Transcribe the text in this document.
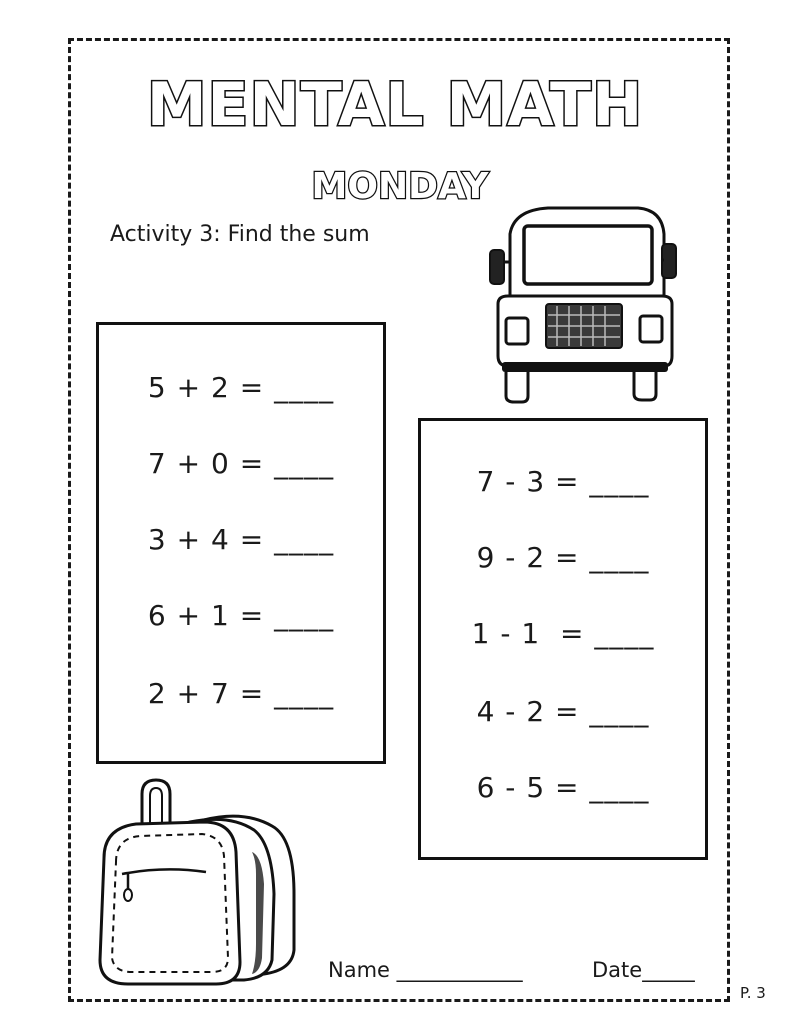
MENTAL MATH
MONDAY
Activity 3: Find the sum
5 + 2 = ____
7 + 0 = ____
3 + 4 = ____
6 + 1 = ____
2 + 7 = ____
7 - 3 = ____
9 - 2 = ____
1 - 1  = ____
4 - 2 = ____
6 - 5 = ____
Name ____________	Date_____
P. 3
